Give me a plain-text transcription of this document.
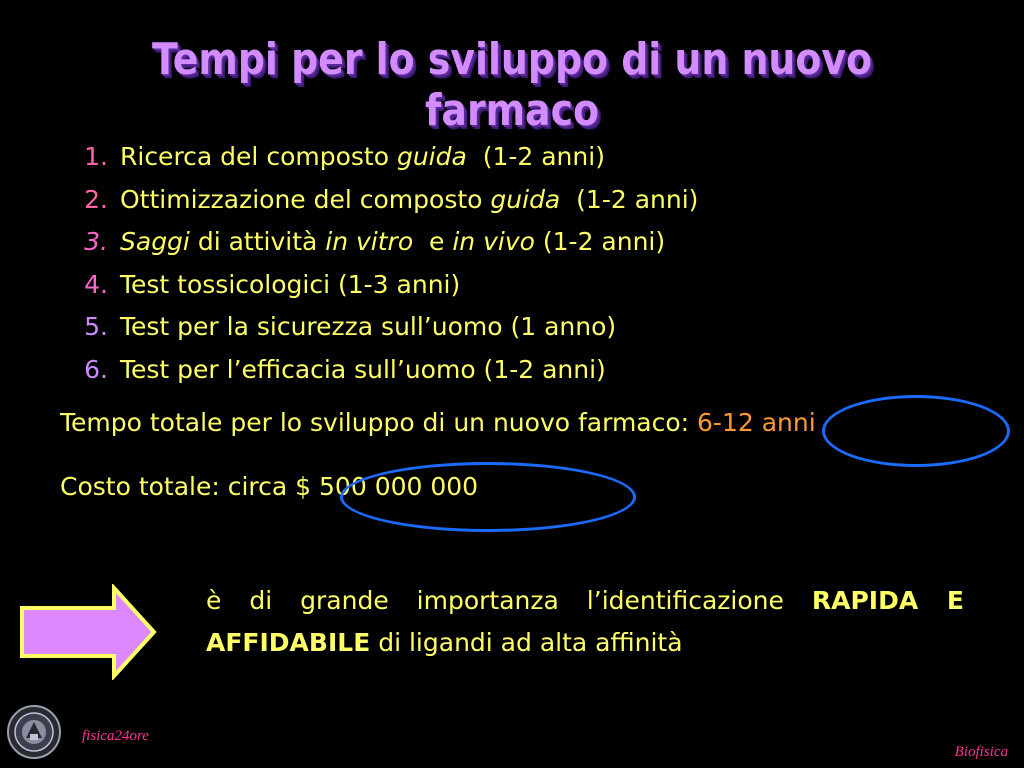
Tempi per lo sviluppo di un nuovo farmaco
1. Ricerca del composto guida  (1-2 anni)
2. Ottimizzazione del composto guida  (1-2 anni)
3. Saggi di attività in vitro  e in vivo (1-2 anni)
4. Test tossicologici (1-3 anni)
5. Test per la sicurezza sull’uomo (1 anno)
6. Test per l’efficacia sull’uomo (1-2 anni)
Tempo totale per lo sviluppo di un nuovo farmaco: 6-12 anni
Costo totale: circa $ 500 000 000
è di grande importanza l’identificazione RAPIDA E AFFIDABILE di ligandi ad alta affinità
fisica24ore
Biofisica
